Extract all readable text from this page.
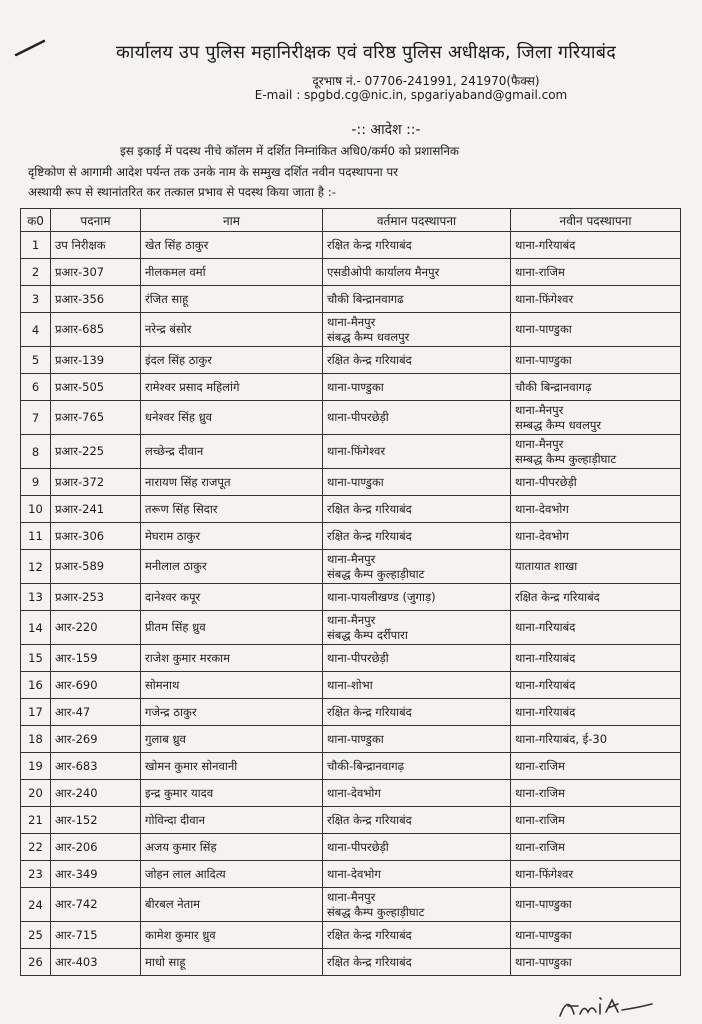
कार्यालय उप पुलिस महानिरीक्षक एवं वरिष्ठ पुलिस अधीक्षक, जिला गरियाबंद
दूरभाष नं.- 07706-241991, 241970(फैक्स)
E-mail : spgbd.cg@nic.in, spgariyaband@gmail.com
-:: आदेश ::-
इस इकाई में पदस्थ नीचे कॉलम में दर्शित निम्नांकित अधि0/कर्म0 को प्रशासनिक
दृष्टिकोण से आगामी आदेश पर्यन्त तक उनके नाम के सम्मुख दर्शित नवीन पदस्थापना पर
अस्थायी रूप से स्थानांतरित कर तत्काल प्रभाव से पदस्थ किया जाता है :-
क0	पदनाम	नाम	वर्तमान पदस्थापना	नवीन पदस्थापना
1	उप निरीक्षक	खेत सिंह ठाकुर	रक्षित केन्द्र गरियाबंद	थाना-गरियाबंद

2	प्रआर-307	नीलकमल वर्मा	एसडीओपी कार्यालय मैनपुर	थाना-राजिम

3	प्रआर-356	रंजित साहू	चौकी बिन्द्रानवागढ	थाना-फिंगेश्वर

4	प्रआर-685	नरेन्द्र बंसोर	थाना-मैनपुर
संबद्ध कैम्प धवलपुर	थाना-पाण्डुका

5	प्रआर-139	इंदल सिंह ठाकुर	रक्षित केन्द्र गरियाबंद	थाना-पाण्डुका

6	प्रआर-505	रामेश्वर प्रसाद महिलांगे	थाना-पाण्डुका	चौकी बिन्द्रानवागढ़

7	प्रआर-765	धनेश्वर सिंह ध्रुव	थाना-पीपरछेड़ी	थाना-मैनपुर
सम्बद्ध कैम्प धवलपुर

8	प्रआर-225	लच्छेन्द्र दीवान	थाना-फिंगेश्वर	थाना-मैनपुर
सम्बद्ध कैम्प कुल्हाड़ीघाट

9	प्रआर-372	नारायण सिंह राजपूत	थाना-पाण्डुका	थाना-पीपरछेड़ी

10	प्रआर-241	तरूण सिंह सिदार	रक्षित केन्द्र गरियाबंद	थाना-देवभोग

11	प्रआर-306	मेघराम ठाकुर	रक्षित केन्द्र गरियाबंद	थाना-देवभोग

12	प्रआर-589	मनीलाल ठाकुर	थाना-मैनपुर
संबद्ध कैम्प कुल्हाड़ीघाट	यातायात शाखा

13	प्रआर-253	दानेश्वर कपूर	थाना-पायलीखण्ड (जुगाड़)	रक्षित केन्द्र गरियाबंद

14	आर-220	प्रीतम सिंह ध्रुव	थाना-मैनपुर
संबद्ध कैम्प दर्रीपारा	थाना-गरियाबंद

15	आर-159	राजेश कुमार मरकाम	थाना-पीपरछेड़ी	थाना-गरियाबंद

16	आर-690	सोमनाथ	थाना-शोभा	थाना-गरियाबंद

17	आर-47	गजेन्द्र ठाकुर	रक्षित केन्द्र गरियाबंद	थाना-गरियाबंद

18	आर-269	गुलाब ध्रुव	थाना-पाण्डुका	थाना-गरियाबंद, ई-30

19	आर-683	खोमन कुमार सोनवानी	चौकी-बिन्द्रानवागढ़	थाना-राजिम

20	आर-240	इन्द्र कुमार यादव	थाना-देवभोग	थाना-राजिम

21	आर-152	गोविन्दा दीवान	रक्षित केन्द्र गरियाबंद	थाना-राजिम

22	आर-206	अजय कुमार सिंह	थाना-पीपरछेड़ी	थाना-राजिम

23	आर-349	जोहन लाल आदित्य	थाना-देवभोग	थाना-फिंगेश्वर

24	आर-742	बीरबल नेताम	थाना-मैनपुर
संबद्ध कैम्प कुल्हाड़ीघाट	थाना-पाण्डुका

25	आर-715	कामेश कुमार ध्रुव	रक्षित केन्द्र गरियाबंद	थाना-पाण्डुका

26	आर-403	माधो साहू	रक्षित केन्द्र गरियाबंद	थाना-पाण्डुका
